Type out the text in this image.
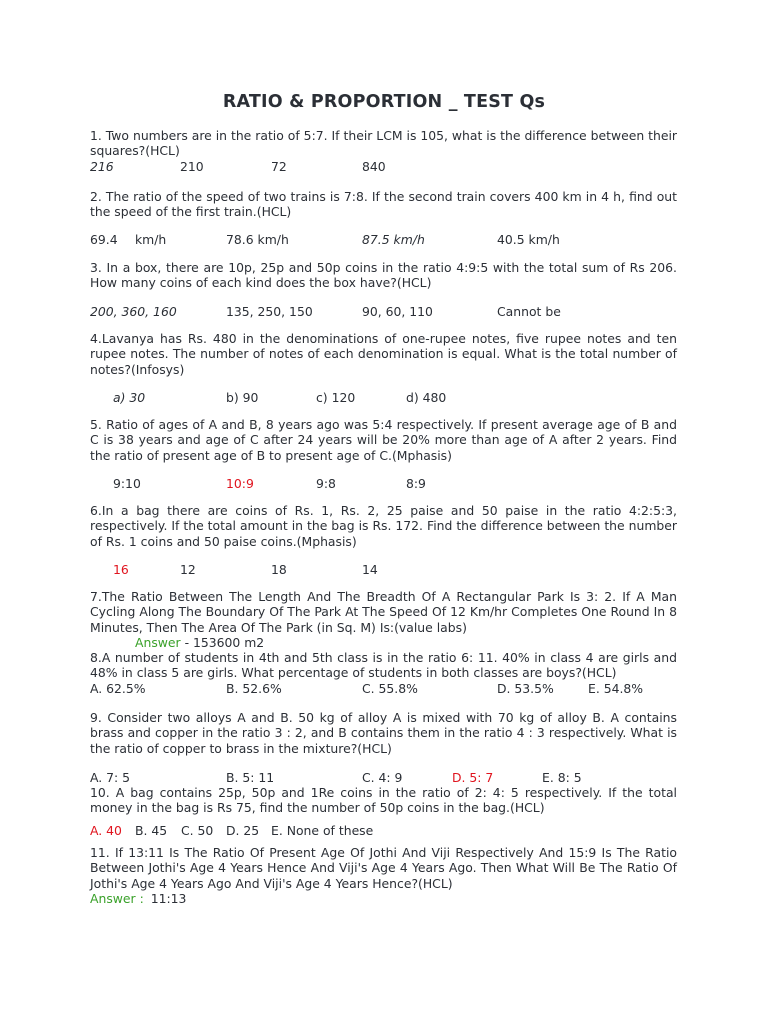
RATIO & PROPORTION _ TEST Qs

1. Two numbers are in the ratio of 5:7. If their LCM is 105, what is the difference between their squares?(HCL)

216	210	72	840

2. The ratio of the speed of two trains is 7:8. If the second train covers 400 km in 4 h, find out the speed of the first train.(HCL)

69.4 km/h	78.6 km/h	87.5 km/h	40.5 km/h

3. In a box, there are 10p, 25p and 50p coins in the ratio 4:9:5 with the total sum of Rs 206. How many coins of each kind does the box have?(HCL)

200, 360, 160	135, 250, 150	90, 60, 110	Cannot be

4.Lavanya has Rs. 480 in the denominations of one-rupee notes, five rupee notes and ten rupee notes. The number of notes of each denomination is equal. What is the total number of notes?(Infosys)

a) 30	b) 90	c) 120	d) 480

5. Ratio of ages of A and B, 8 years ago was 5:4 respectively. If present average age of B and C is 38 years and age of C after 24 years will be 20% more than age of A after 2 years. Find the ratio of present age of B to present age of C.(Mphasis)

9:10	10:9	9:8	8:9

6.In a bag there are coins of Rs. 1, Rs. 2, 25 paise and 50 paise in the ratio 4:2:5:3, respectively. If the total amount in the bag is Rs. 172. Find the difference between the number of Rs. 1 coins and 50 paise coins.(Mphasis)

16	12	18	14

7.The Ratio Between The Length And The Breadth Of A Rectangular Park Is 3: 2. If A Man Cycling Along The Boundary Of The Park At The Speed Of 12 Km/hr Completes One Round In 8 Minutes, Then The Area Of The Park (in Sq. M) Is:(value labs)

Answer - 153600 m2

8.A number of students in 4th and 5th class is in the ratio 6: 11. 40% in class 4 are girls and 48% in class 5 are girls. What percentage of students in both classes are boys?(HCL)

A. 62.5%	B. 52.6%	C. 55.8%	D. 53.5%	E. 54.8%

9. Consider two alloys A and B. 50 kg of alloy A is mixed with 70 kg of alloy B. A contains brass and copper in the ratio 3 : 2, and B contains them in the ratio 4 : 3 respectively. What is the ratio of copper to brass in the mixture?(HCL)

A. 7: 5	B. 5: 11	C. 4: 9	D. 5: 7	E. 8: 5

10. A bag contains 25p, 50p and 1Re coins in the ratio of 2: 4: 5 respectively. If the total money in the bag is Rs 75, find the number of 50p coins in the bag.(HCL)

A. 40 B. 45 C. 50 D. 25 E. None of these

11. If 13:11 Is The Ratio Of Present Age Of Jothi And Viji Respectively And 15:9 Is The Ratio Between Jothi's Age 4 Years Hence And Viji's Age 4 Years Ago. Then What Will Be The Ratio Of Jothi's Age 4 Years Ago And Viji's Age 4 Years Hence?(HCL)

Answer : 11:13
